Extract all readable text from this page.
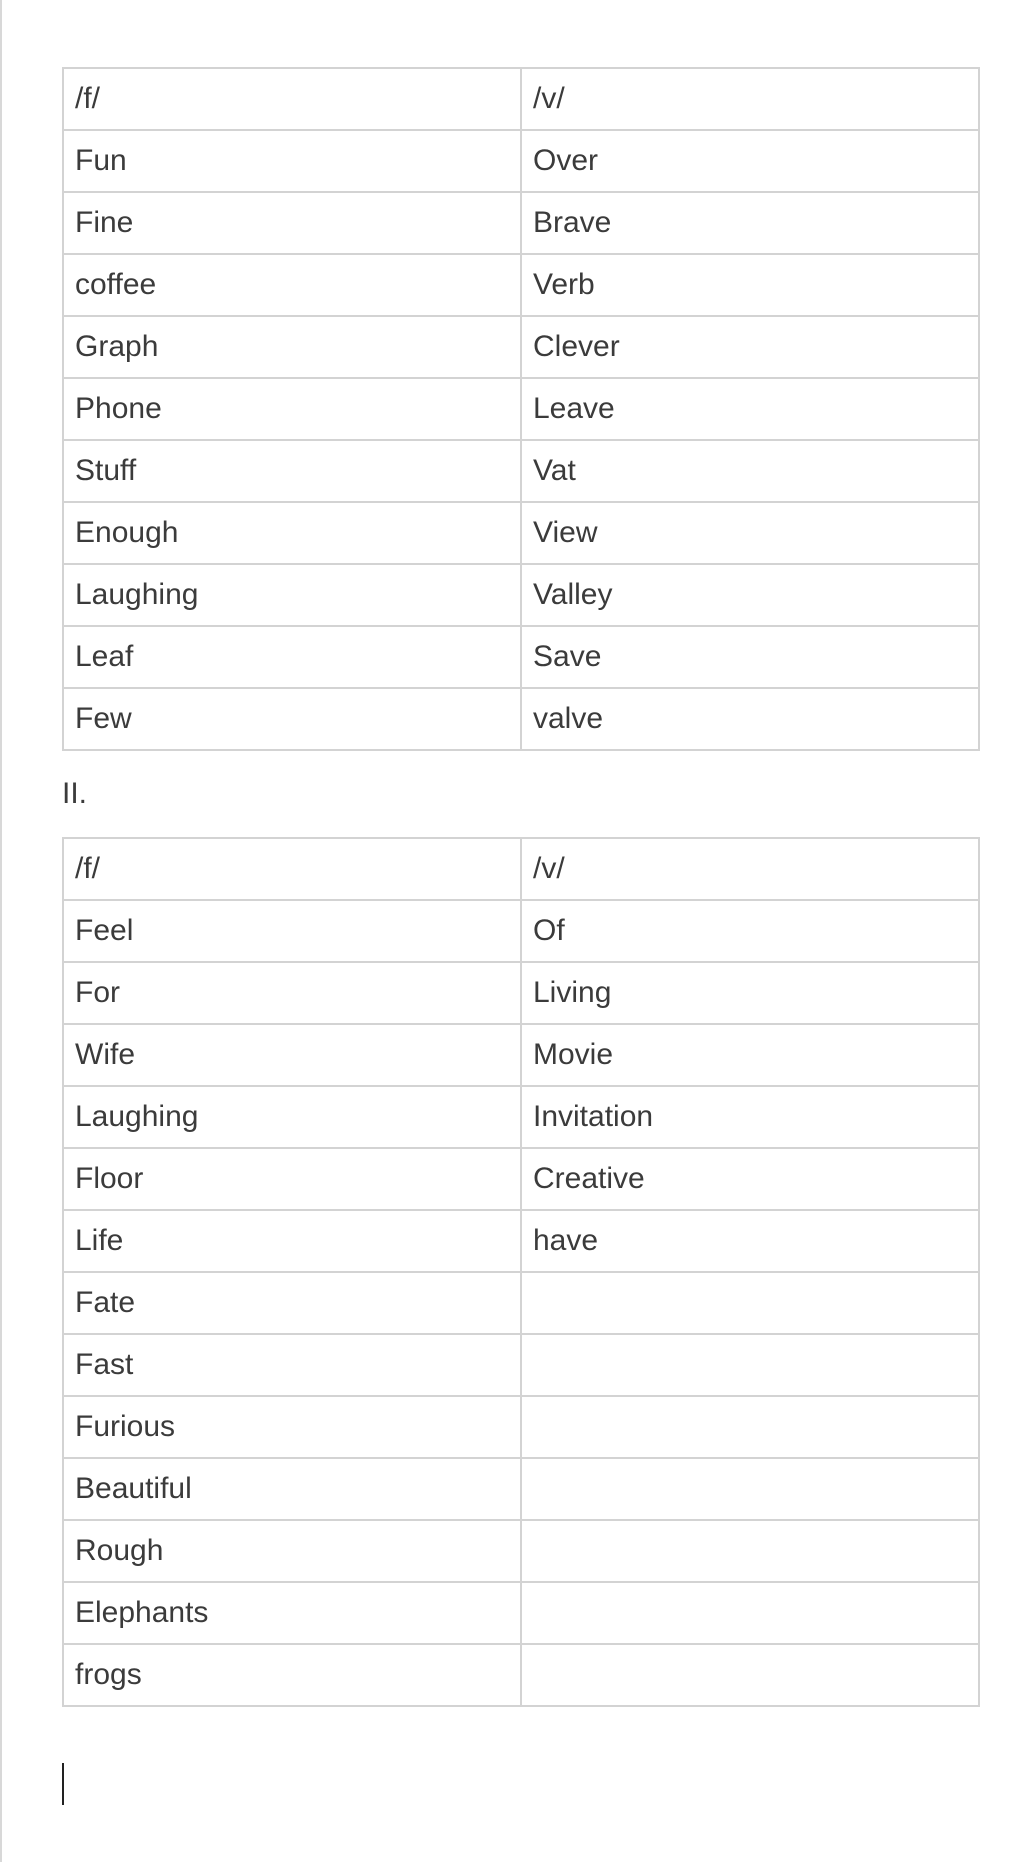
/f/	/v/
Fun	Over
Fine	Brave
coffee	Verb
Graph	Clever
Phone	Leave
Stuff	Vat
Enough	View
Laughing	Valley
Leaf	Save
Few	valve
II.
/f/	/v/
Feel	Of
For	Living
Wife	Movie
Laughing	Invitation
Floor	Creative
Life	have
Fate	
Fast	
Furious	
Beautiful	
Rough	
Elephants	
frogs	
